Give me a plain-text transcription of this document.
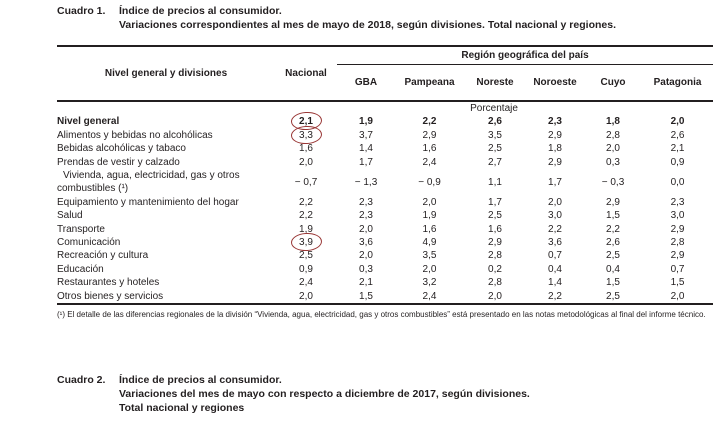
Cuadro 1.	Índice de precios al consumidor.
Variaciones correspondientes al mes de mayo de 2018, según divisiones. Total nacional y regiones.
Nivel general y divisiones	Nacional	Región geográfica del país					
		GBA	Pampeana	Noreste	Noroeste	Cuyo	Patagonia
	Porcentaje						
Nivel general	2,1	1,9	2,2	2,6	2,3	1,8	2,0
Alimentos y bebidas no alcohólicas	3,3	3,7	2,9	3,5	2,9	2,8	2,6
Bebidas alcohólicas y tabaco	1,6	1,4	1,6	2,5	1,8	2,0	2,1
Prendas de vestir y calzado	2,0	1,7	2,4	2,7	2,9	0,3	0,9
Vivienda, agua, electricidad, gas y otros combustibles (¹)	− 0,7	− 1,3	− 0,9	1,1	1,7	− 0,3	0,0
Equipamiento y mantenimiento del hogar	2,2	2,3	2,0	1,7	2,0	2,9	2,3
Salud	2,2	2,3	1,9	2,5	3,0	1,5	3,0
Transporte	1,9	2,0	1,6	1,6	2,2	2,2	2,9
Comunicación	3,9	3,6	4,9	2,9	3,6	2,6	2,8
Recreación y cultura	2,5	2,0	3,5	2,8	0,7	2,5	2,9
Educación	0,9	0,3	2,0	0,2	0,4	0,4	0,7
Restaurantes y hoteles	2,4	2,1	3,2	2,8	1,4	1,5	1,5
Otros bienes y servicios	2,0	1,5	2,4	2,0	2,2	2,5	2,0

(¹) El detalle de las diferencias regionales de la división “Vivienda, agua, electricidad, gas y otros combustibles” está presentado en las notas metodológicas al final del informe técnico.

Cuadro 2.	Índice de precios al consumidor.
Variaciones del mes de mayo con respecto a diciembre de 2017, según divisiones.
Total nacional y regiones
